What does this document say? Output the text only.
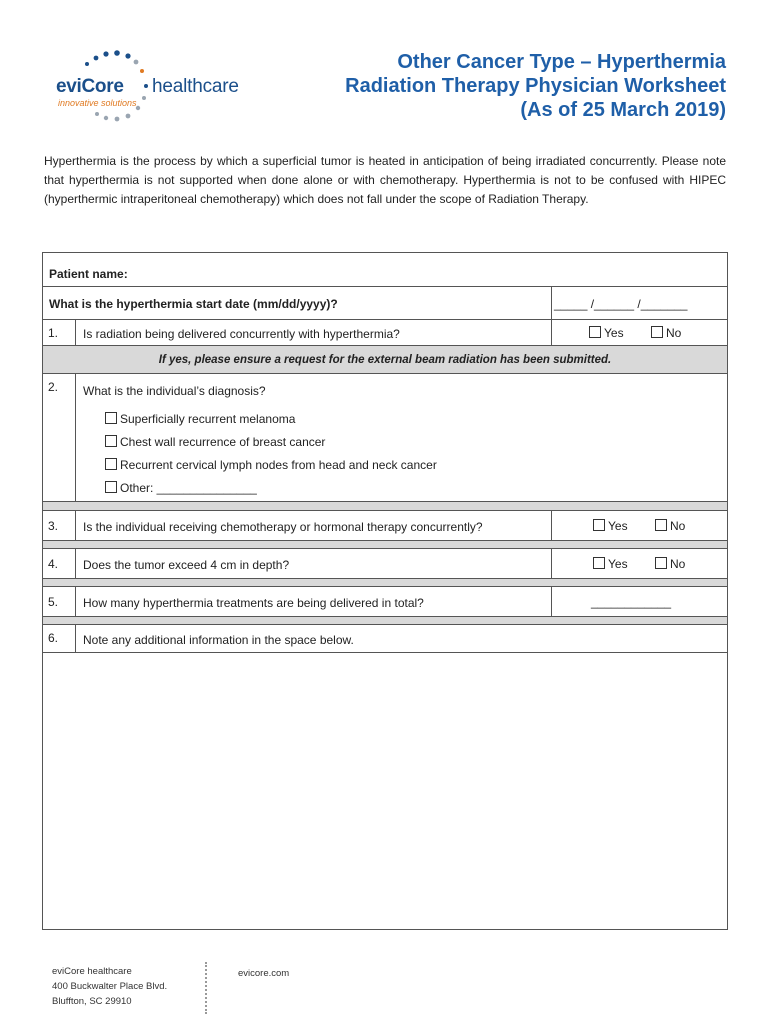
eviCore healthcare
innovative solutions
Other Cancer Type – Hyperthermia
Radiation Therapy Physician Worksheet
(As of 25 March 2019)

Hyperthermia is the process by which a superficial tumor is heated in anticipation of being irradiated concurrently. Please note that hyperthermia is not supported when done alone or with chemotherapy. Hyperthermia is not to be confused with HIPEC (hyperthermic intraperitoneal chemotherapy) which does not fall under the scope of Radiation Therapy.

Patient name:
What is the hyperthermia start date (mm/dd/yyyy)?	_____ /______ /_______
1.	Is radiation being delivered concurrently with hyperthermia?	Yes	No
If yes, please ensure a request for the external beam radiation has been submitted.
2.	What is the individual’s diagnosis?
Superficially recurrent melanoma
Chest wall recurrence of breast cancer
Recurrent cervical lymph nodes from head and neck cancer
Other: _______________
3.	Is the individual receiving chemotherapy or hormonal therapy concurrently?	Yes	No
4.	Does the tumor exceed 4 cm in depth?	Yes	No
5.	How many hyperthermia treatments are being delivered in total?	____________
6.	Note any additional information in the space below.
eviCore healthcare
400 Buckwalter Place Blvd.
Bluffton, SC 29910
evicore.com
